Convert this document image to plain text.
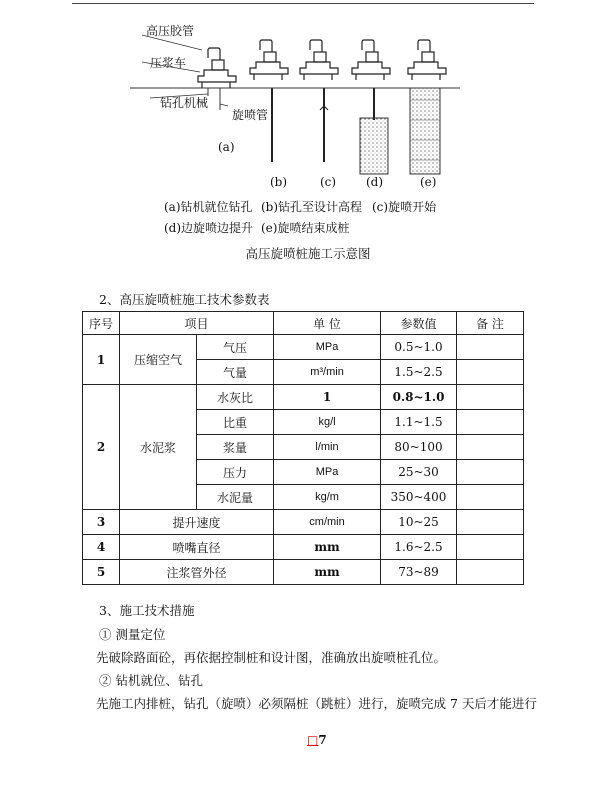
高压胶管
压浆车
钻孔机械
旋喷管
(a)
(b)	(c) (d)	(e)
(a)钻机就位钻孔 (b)钻孔至设计高程 (c)旋喷开始
(d)边旋喷边提升 (e)旋喷结束成桩
高压旋喷桩施工示意图
2、高压旋喷桩施工技术参数表
序号	项目		单 位	参数值	备 注
1	压缩空气	气压	MPa	0.5~1.0	
		气量	m³/min	1.5~2.5	
2	水泥浆	水灰比	1	0.8~1.0	
		比重	kg/l	1.1~1.5	
		浆量	l/min	80~100	
		压力	MPa	25~30	
		水泥量	kg/m	350~400	
3	提升速度		cm/min	10~25	
4	喷嘴直径		mm	1.6~2.5	
5	注浆管外径		mm	73~89	
3、施工技术措施
① 测量定位
先破除路面砼，再依据控制桩和设计图，准确放出旋喷桩孔位。
② 钻机就位、钻孔
先施工内排桩，钻孔（旋喷）必须隔桩（跳桩）进行，旋喷完成 7 天后才能进行
□7
